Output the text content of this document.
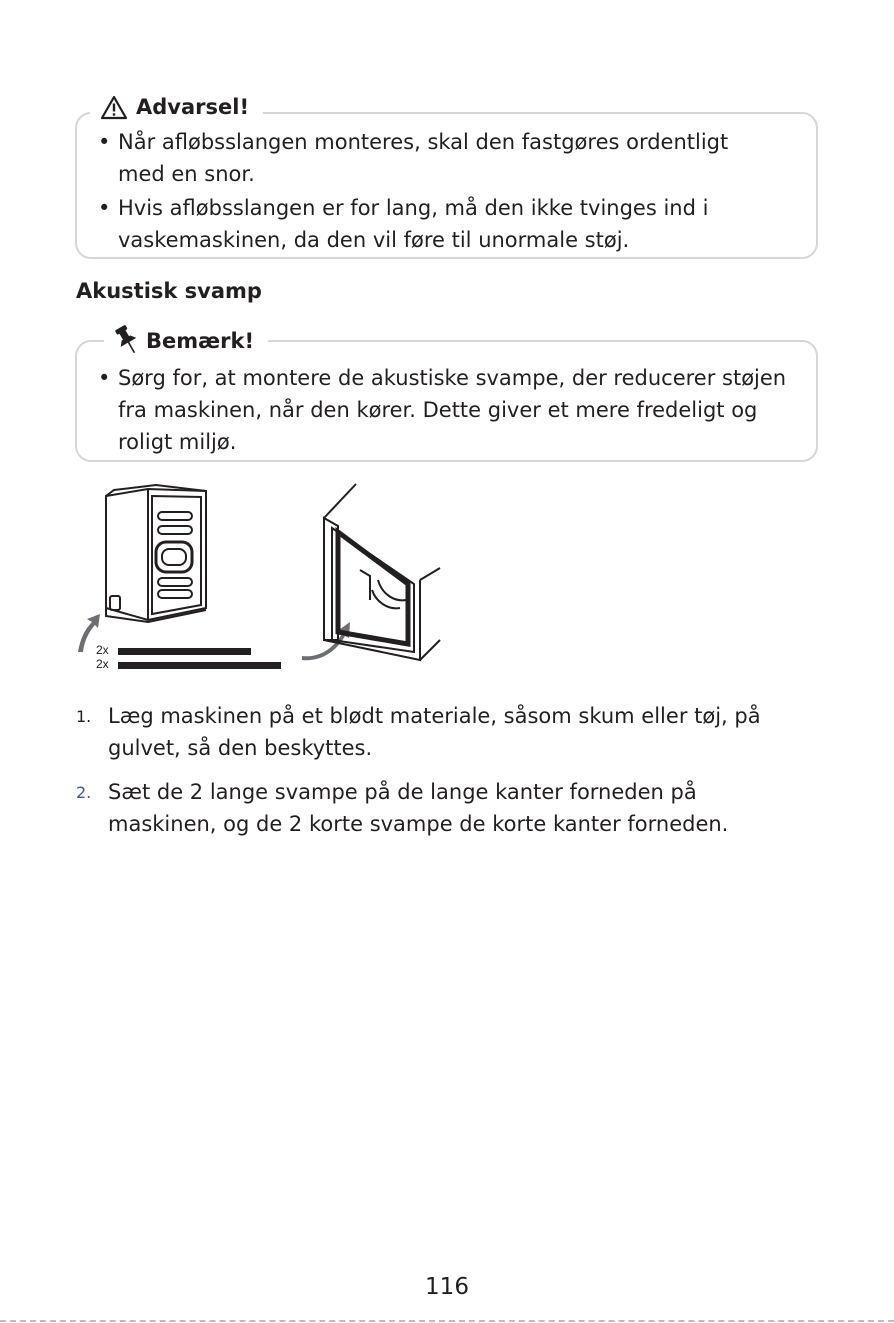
Advarsel!
• Når afløbsslangen monteres, skal den fastgøres ordentligt med en snor.
• Hvis afløbsslangen er for lang, må den ikke tvinges ind i vaskemaskinen, da den vil føre til unormale støj.
Akustisk svamp
Bemærk!
• Sørg for, at montere de akustiske svampe, der reducerer støjen fra maskinen, når den kører. Dette giver et mere fredeligt og roligt miljø.
2x
2x
1. Læg maskinen på et blødt materiale, såsom skum eller tøj, på gulvet, så den beskyttes.
2. Sæt de 2 lange svampe på de lange kanter forneden på maskinen, og de 2 korte svampe de korte kanter forneden.
116
